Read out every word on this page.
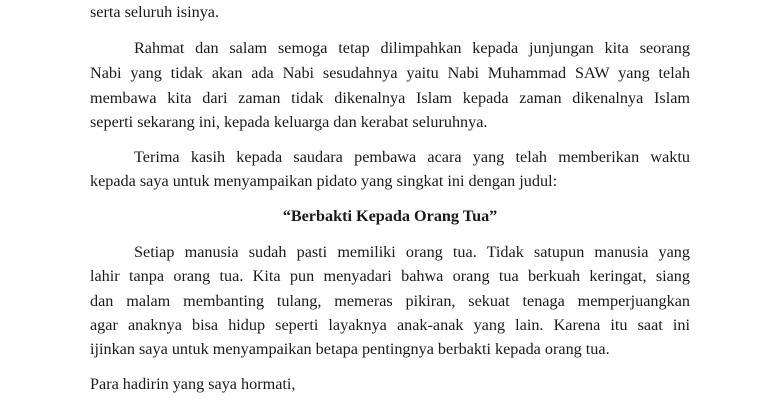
serta seluruh isinya.
Rahmat dan salam semoga tetap dilimpahkan kepada junjungan kita seorang
Nabi yang tidak akan ada Nabi sesudahnya yaitu Nabi Muhammad SAW yang telah
membawa kita dari zaman tidak dikenalnya Islam kepada zaman dikenalnya Islam
seperti sekarang ini, kepada keluarga dan kerabat seluruhnya.
Terima kasih kepada saudara pembawa acara yang telah memberikan waktu
kepada saya untuk menyampaikan pidato yang singkat ini dengan judul:
“Berbakti Kepada Orang Tua”
Setiap manusia sudah pasti memiliki orang tua. Tidak satupun manusia yang
lahir tanpa orang tua. Kita pun menyadari bahwa orang tua berkuah keringat, siang
dan malam membanting tulang, memeras pikiran, sekuat tenaga memperjuangkan
agar anaknya bisa hidup seperti layaknya anak-anak yang lain. Karena itu saat ini
ijinkan saya untuk menyampaikan betapa pentingnya berbakti kepada orang tua.
Para hadirin yang saya hormati,
